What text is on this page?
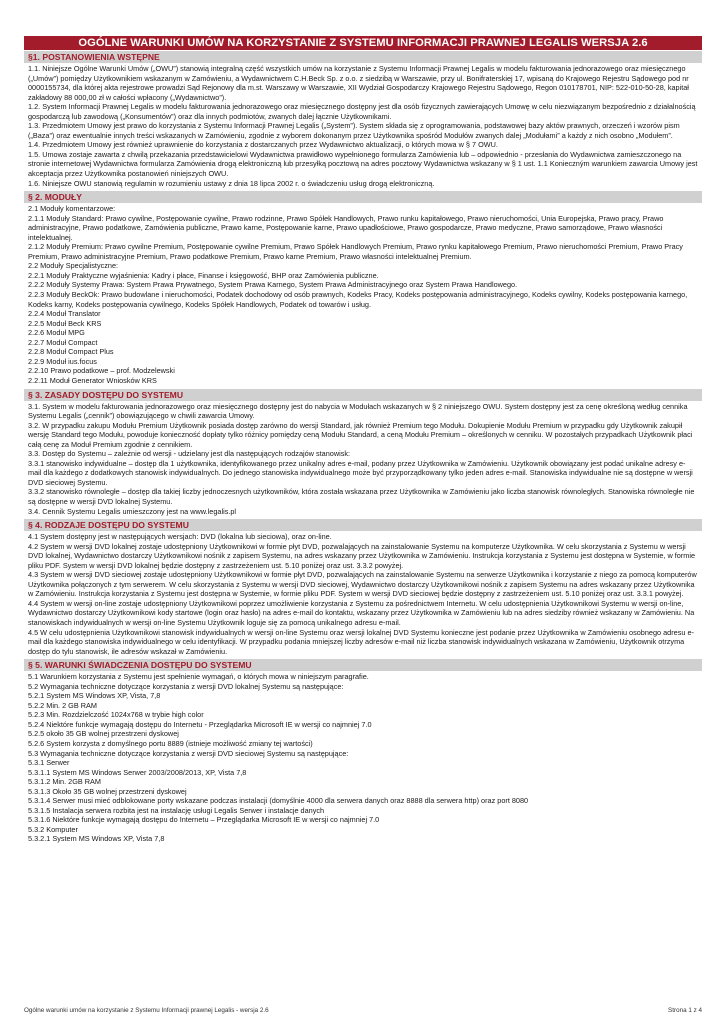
OGÓLNE WARUNKI UMÓW NA KORZYSTANIE Z SYSTEMU INFORMACJI PRAWNEJ LEGALIS WERSJA 2.6
§1. POSTANOWIENIA WSTĘPNE
1.1. Niniejsze Ogólne Warunki Umów („OWU”) stanowią integralną część wszystkich umów na korzystanie z Systemu Informacji Prawnej Legalis w modelu fakturowania jednorazowego oraz miesięcznego („Umów”) pomiędzy Użytkownikiem wskazanym w Zamówieniu, a Wydawnictwem C.H.Beck Sp. z o.o. z siedzibą w Warszawie, przy ul. Bonifraterskiej 17, wpisaną do Krajowego Rejestru Sądowego pod nr 0000155734, dla której akta rejestrowe prowadzi Sąd Rejonowy dla m.st. Warszawy w Warszawie, XII Wydział Gospodarczy Krajowego Rejestru Sądowego, Regon 010178701, NIP: 522-010-50-28, kapitał zakładowy 88 000,00 zł w całości wpłacony („Wydawnictwo”).
1.2. System Informacji Prawnej Legalis w modelu fakturowania jednorazowego oraz miesięcznego dostępny jest dla osób fizycznych zawierających Umowę w celu niezwiązanym bezpośrednio z działalnością gospodarczą lub zawodową („Konsumentów”) oraz dla innych podmiotów, zwanych dalej łącznie Użytkownikami.
1.3. Przedmiotem Umowy jest prawo do korzystania z Systemu Informacji Prawnej Legalis („System”). System składa się z oprogramowania, podstawowej bazy aktów prawnych, orzeczeń i wzorów pism („Baza”) oraz ewentualnie innych treści wskazanych w Zamówieniu, zgodnie z wyborem dokonanym przez Użytkownika spośród Modułów zwanych dalej „Modułami” a każdy z nich osobno „Modułem”.
1.4. Przedmiotem Umowy jest również uprawnienie do korzystania z dostarczanych przez Wydawnictwo aktualizacji, o których mowa w § 7 OWU.
1.5. Umowa zostaje zawarta z chwilą przekazania przedstawicielowi Wydawnictwa prawidłowo wypełnionego formularza Zamówienia lub – odpowiednio - przesłania do Wydawnictwa zamieszczonego na stronie internetowej Wydawnictwa formularza Zamówienia drogą elektroniczną lub przesyłką pocztową na adres pocztowy Wydawnictwa wskazany w § 1 ust. 1.1 Konieczným warunkiem zawarcia Umowy jest akceptacja przez Użytkownika postanowień niniejszych OWU.
1.6. Niniejsze OWU stanowią regulamin w rozumieniu ustawy z dnia 18 lipca 2002 r. o świadczeniu usług drogą elektroniczną.
§ 2. MODUŁY
2.1 Moduły komentarzowe:
2.1.1 Moduły Standard: Prawo cywilne, Postępowanie cywilne, Prawo rodzinne, Prawo Spółek Handlowych, Prawo runku kapitałowego, Prawo nieruchomości, Unia Europejska, Prawo pracy, Prawo administracyjne, Prawo podatkowe, Zamówienia publiczne, Prawo karne, Postępowanie karne, Prawo upadłościowe, Prawo gospodarcze, Prawo medyczne, Prawo samorządowe, Prawo własności intelektualnej.
2.1.2 Moduły Premium: Prawo cywilne Premium, Postępowanie cywilne Premium, Prawo Spółek Handlowych Premium, Prawo rynku kapitałowego Premium, Prawo nieruchomości Premium, Prawo Pracy Premium, Prawo administracyjne Premium, Prawo podatkowe Premium, Prawo karne Premium, Prawo własności intelektualnej Premium.
2.2 Moduły Specjalistyczne:
2.2.1 Moduły Praktyczne wyjaśnienia: Kadry i płace, Finanse i księgowość, BHP oraz Zamówienia publiczne.
2.2.2 Moduły Systemy Prawa: System Prawa Prywatnego, System Prawa Karnego, System Prawa Administracyjnego oraz System Prawa Handlowego.
2.2.3 Moduły BeckOk: Prawo budowlane i nieruchomości, Podatek dochodowy od osób prawnych, Kodeks Pracy, Kodeks postępowania administracyjnego, Kodeks cywilny, Kodeks postępowania karnego, Kodeks karny, Kodeks postępowania cywilnego, Kodeks Spółek Handlowych, Podatek od towarów i usług.
2.2.4 Moduł Translator
2.2.5 Moduł Beck KRS
2.2.6 Moduł MPG
2.2.7 Moduł Compact
2.2.8 Moduł Compact Plus
2.2.9 Moduł ius.focus
2.2.10 Prawo podatkowe – prof. Modzelewski
2.2.11 Moduł Generator Wniosków KRS
§ 3. ZASADY DOSTĘPU DO SYSTEMU
3.1. System w modelu fakturowania jednorazowego oraz miesięcznego dostępny jest do nabycia w Modułach wskazanych w § 2 niniejszego OWU. System dostępny jest za cenę określoną według cennika Systemu Legalis („cennik”) obowiązującego w chwili zawarcia Umowy.
3.2. W przypadku zakupu Modułu Premium Użytkownik posiada dostęp zarówno do wersji Standard, jak również Premium tego Modułu. Dokupienie Modułu Premium w przypadku gdy Użytkownik zakupił wersję Standard tego Modułu, powoduje konieczność dopłaty tylko różnicy pomiędzy ceną Modułu Standard, a ceną Modułu Premium – określonych w cenniku. W pozostałych przypadkach Użytkownik płaci całą cenę za Moduł Premium zgodnie z cennikiem.
3.3. Dostęp do Systemu – zależnie od wersji - udzielany jest dla następujących rodzajów stanowisk:
3.3.1 stanowisko indywidualne – dostęp dla 1 użytkownika, identyfikowanego przez unikalny adres e-mail, podany przez Użytkownika w Zamówieniu. Użytkownik obowiązany jest podać unikalne adresy e-mail dla każdego z dodatkowych stanowisk indywidualnych. Do jednego stanowiska indywidualnego może być przyporządkowany tylko jeden adres e-mail. Stanowiska indywidualne nie są dostępne w wersji DVD sieciowej Systemu.
3.3.2 stanowisko równoległe – dostęp dla takiej liczby jednoczesnych użytkowników, która została wskazana przez Użytkownika w Zamówieniu jako liczba stanowisk równoległych. Stanowiska równoległe nie są dostępne w wersji DVD lokalnej Systemu.
3.4. Cennik Systemu Legalis umieszczony jest na www.legalis.pl
§ 4. RODZAJE DOSTĘPU DO SYSTEMU
4.1 System dostępny jest w następujących wersjach: DVD (lokalna lub sieciowa), oraz on-line.
4.2 System w wersji DVD lokalnej zostaje udostępniony Użytkownikowi w formie płyt DVD, pozwalających na zainstalowanie Systemu na komputerze Użytkownika. W celu skorzystania z Systemu w wersji DVD lokalnej, Wydawnictwo dostarczy Użytkownikowi nośnik z zapisem Systemu, na adres wskazany przez Użytkownika w Zamówieniu. Instrukcja korzystania z Systemu jest dostępna w Systemie, w formie pliku PDF. System w wersji DVD lokalnej będzie dostępny z zastrzeżeniem ust. 5.10 poniżej oraz ust. 3.3.2 powyżej.
4.3 System w wersji DVD sieciowej zostaje udostępniony Użytkownikowi w formie płyt DVD, pozwalających na zainstalowanie Systemu na serwerze Użytkownika i korzystanie z niego za pomocą komputerów Użytkownika połączonych z tym serwerem. W celu skorzystania z Systemu w wersji DVD sieciowej, Wydawnictwo dostarczy Użytkownikowi nośnik z zapisem Systemu na adres wskazany przez Użytkownika w Zamówieniu. Instrukcja korzystania z Systemu jest dostępna w Systemie, w formie pliku PDF. System w wersji DVD sieciowej będzie dostępny z zastrzeżeniem ust. 5.10 poniżej oraz ust. 3.3.1 powyżej.
4.4 System w wersji on-line zostaje udostępniony Użytkownikowi poprzez umożliwienie korzystania z Systemu za pośrednictwem Internetu. W celu udostępnienia Użytkownikowi Systemu w wersji on-line, Wydawnictwo dostarczy Użytkownikowi kody startowe (login oraz hasło) na adres e-mail do kontaktu, wskazany przez Użytkownika w Zamówieniu lub na adres siedziby również wskazany w Zamówieniu. Na stanowiskach indywidualnych w wersji on-line Systemu Użytkownik loguje się za pomocą unikalnego adresu e-mail.
4.5 W celu udostępnienia Użytkownikowi stanowisk indywidualnych w wersji on-line Systemu oraz wersji lokalnej DVD Systemu konieczne jest podanie przez Użytkownika w Zamówieniu osobnego adresu e-mail dla każdego stanowiska indywidualnego w celu identyfikacji. W przypadku podania mniejszej liczby adresów e-mail niż liczba stanowisk indywidualnych wskazana w Zamówieniu, Użytkownik otrzyma dostęp do tylu stanowisk, ile adresów wskazał w Zamówieniu.
§ 5. WARUNKI ŚWIADCZENIA DOSTĘPU DO SYSTEMU
5.1 Warunkiem korzystania z Systemu jest spełnienie wymagań, o których mowa w niniejszym paragrafie.
5.2 Wymagania techniczne dotyczące korzystania z wersji DVD lokalnej Systemu są następujące:
5.2.1 System MS Windows XP, Vista, 7,8
5.2.2 Min. 2 GB RAM
5.2.3 Min. Rozdzielczość 1024x768 w trybie high color
5.2.4 Niektóre funkcje wymagają dostępu do Internetu - Przeglądarka Microsoft IE w wersji co najmniej 7.0
5.2.5 około 35 GB wolnej przestrzeni dyskowej
5.2.6 System korzysta z domyślnego portu 8889 (istnieje możliwość zmiany tej wartości)
5.3 Wymagania techniczne dotyczące korzystania z wersji DVD sieciowej Systemu są następujące:
5.3.1 Serwer
5.3.1.1 System MS Windows Serwer 2003/2008/2013, XP, Vista 7,8
5.3.1.2 Min. 2GB RAM
5.3.1.3 Około 35 GB wolnej przestrzeni dyskowej
5.3.1.4 Serwer musi mieć odblokowane porty wskazane podczas instalacji (domyślnie 4000 dla serwera danych oraz 8888 dla serwera http) oraz port 8080
5.3.1.5 Instalacja serwera rozbita jest na instalację usługi Legalis Serwer i instalacje danych
5.3.1.6 Niektóre funkcje wymagają dostępu do Internetu – Przeglądarka Microsoft IE w wersji co najmniej 7.0
5.3.2 Komputer
5.3.2.1 System MS Windows XP, Vista 7,8
Ogólne warunki umów na korzystanie z Systemu Informacji prawnej Legalis - wersja 2.6	Strona 1 z 4
